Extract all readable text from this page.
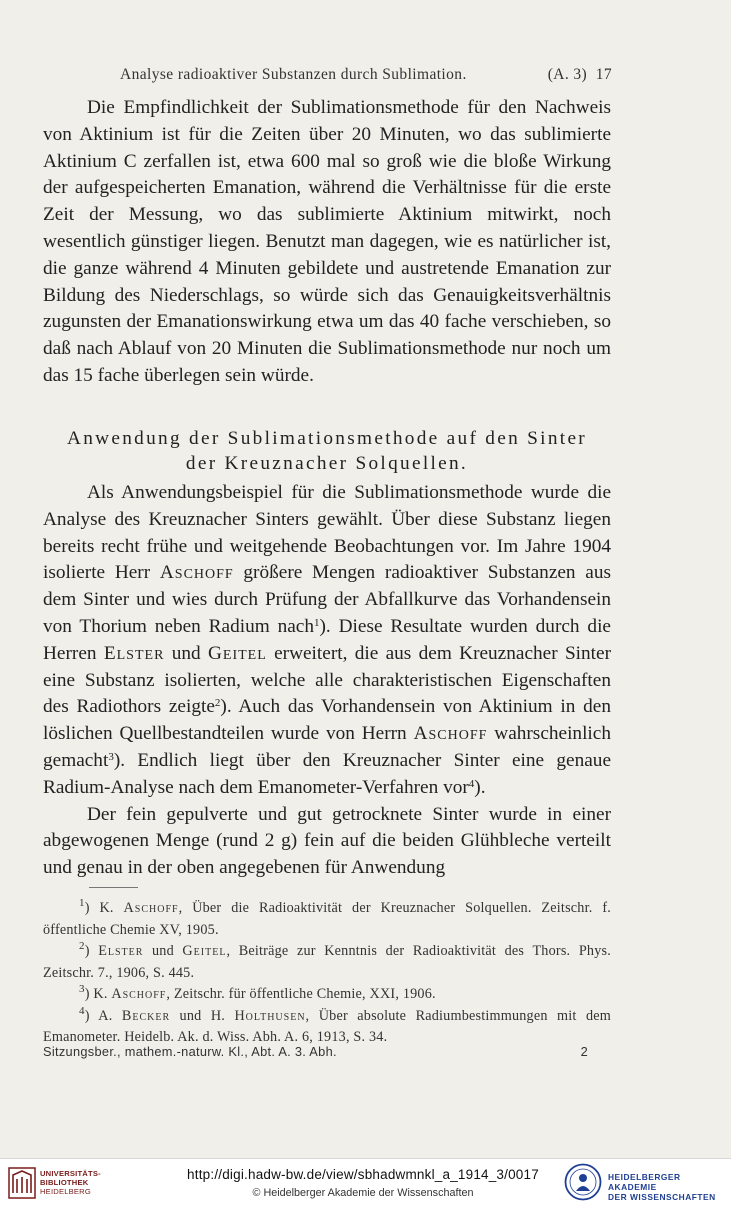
Analyse radioaktiver Substanzen durch Sublimation.	(A. 3) 17

Die Empfindlichkeit der Sublimationsmethode für den Nachweis von Aktinium ist für die Zeiten über 20 Minuten, wo das sublimierte Aktinium C zerfallen ist, etwa 600 mal so groß wie die bloße Wirkung der aufgespeicherten Emanation, während die Verhältnisse für die erste Zeit der Messung, wo das sublimierte Aktinium mitwirkt, noch wesentlich günstiger liegen. Benutzt man dagegen, wie es natürlicher ist, die ganze während 4 Minuten gebildete und austretende Emanation zur Bildung des Niederschlags, so würde sich das Genauigkeitsverhältnis zugunsten der Emanationswirkung etwa um das 40 fache verschieben, so daß nach Ablauf von 20 Minuten die Sublimationsmethode nur noch um das 15 fache überlegen sein würde.

Anwendung der Sublimationsmethode auf den Sinter
der Kreuznacher Solquellen.

Als Anwendungsbeispiel für die Sublimationsmethode wurde die Analyse des Kreuznacher Sinters gewählt. Über diese Substanz liegen bereits recht frühe und weitgehende Beobachtungen vor. Im Jahre 1904 isolierte Herr Aschoff größere Mengen radioaktiver Substanzen aus dem Sinter und wies durch Prüfung der Abfallkurve das Vorhandensein von Thorium neben Radium nach$^1$). Diese Resultate wurden durch die Herren Elster und Geitel erweitert, die aus dem Kreuznacher Sinter eine Substanz isolierten, welche alle charakteristischen Eigenschaften des Radiothors zeigte$^2$). Auch das Vorhandensein von Aktinium in den löslichen Quellbestandteilen wurde von Herrn Aschoff wahrscheinlich gemacht$^3$). Endlich liegt über den Kreuznacher Sinter eine genaue Radium-Analyse nach dem Emanometer-Verfahren vor$^4$).

Der fein gepulverte und gut getrocknete Sinter wurde in einer abgewogenen Menge (rund 2 g) fein auf die beiden Glühbleche verteilt und genau in der oben angegebenen für Anwendung

$^1$) K. Aschoff, Über die Radioaktivität der Kreuznacher Solquellen. Zeitschr. f. öffentliche Chemie XV, 1905.

$^2$) Elster und Geitel, Beiträge zur Kenntnis der Radioaktivität des Thors. Phys. Zeitschr. 7., 1906, S. 445.

$^3$) K. Aschoff, Zeitschr. für öffentliche Chemie, XXI, 1906.

$^4$) A. Becker und H. Holthusen, Über absolute Radiumbestimmungen mit dem Emanometer. Heidelb. Ak. d. Wiss. Abh. A. 6, 1913, S. 34.

Sitzungsber., mathem.-naturw. Kl., Abt. A. 3. Abh.	2
UNIVERSITÄTS-
BIBLIOTHEK
HEIDELBERG
http://digi.hadw-bw.de/view/sbhadwmnkl_a_1914_3/0017
© Heidelberger Akademie der Wissenschaften
HEIDELBERGER AKADEMIE
DER WISSENSCHAFTEN
